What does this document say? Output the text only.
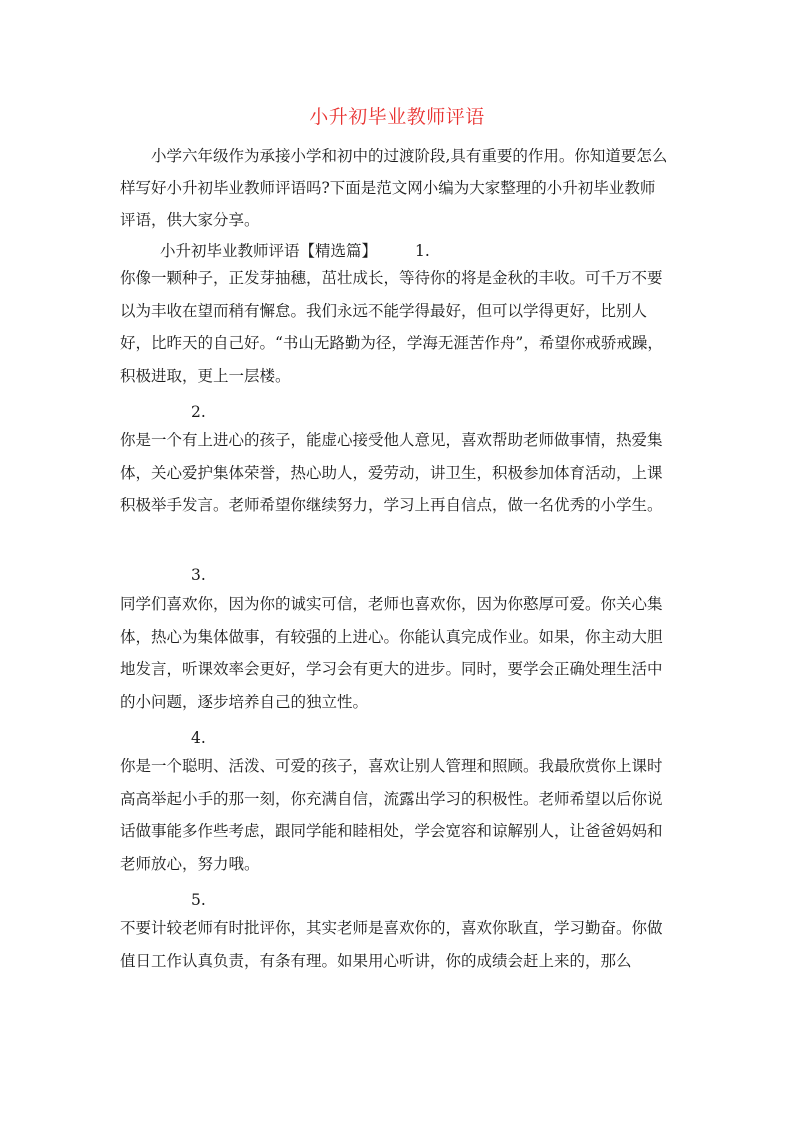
小升初毕业教师评语
小学六年级作为承接小学和初中的过渡阶段,具有重要的作用。你知道要怎么样写好小升初毕业教师评语吗?下面是范文网小编为大家整理的小升初毕业教师评语，供大家分享。
小升初毕业教师评语【精选篇】 1.
你像一颗种子，正发芽抽穗，茁壮成长，等待你的将是金秋的丰收。可千万不要以为丰收在望而稍有懈怠。我们永远不能学得最好，但可以学得更好，比别人好，比昨天的自己好。“书山无路勤为径，学海无涯苦作舟”，希望你戒骄戒躁，积极进取，更上一层楼。
2.
你是一个有上进心的孩子，能虚心接受他人意见，喜欢帮助老师做事情，热爱集体，关心爱护集体荣誉，热心助人，爱劳动，讲卫生，积极参加体育活动，上课积极举手发言。老师希望你继续努力，学习上再自信点，做一名优秀的小学生。
3.
同学们喜欢你，因为你的诚实可信，老师也喜欢你，因为你憨厚可爱。你关心集体，热心为集体做事，有较强的上进心。你能认真完成作业。如果，你主动大胆地发言，听课效率会更好，学习会有更大的进步。同时，要学会正确处理生活中的小问题，逐步培养自己的独立性。
4.
你是一个聪明、活泼、可爱的孩子，喜欢让别人管理和照顾。我最欣赏你上课时高高举起小手的那一刻，你充满自信，流露出学习的积极性。老师希望以后你说话做事能多作些考虑，跟同学能和睦相处，学会宽容和谅解别人，让爸爸妈妈和老师放心，努力哦。
5.
不要计较老师有时批评你，其实老师是喜欢你的，喜欢你耿直，学习勤奋。你做值日工作认真负责，有条有理。如果用心听讲，你的成绩会赶上来的，那么
